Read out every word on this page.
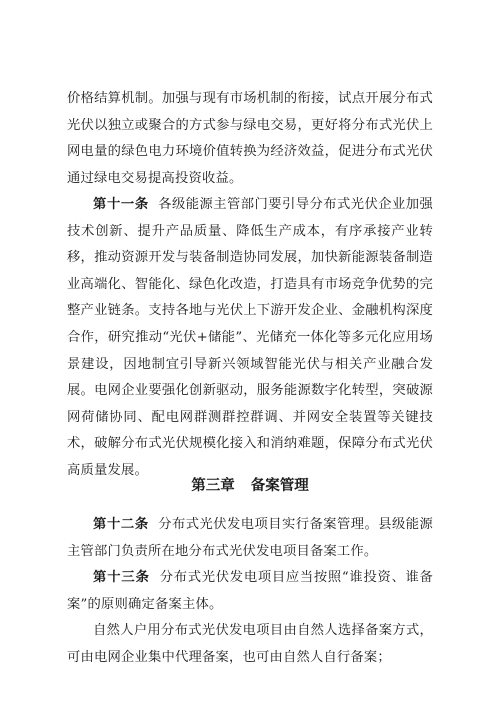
价格结算机制。加强与现有市场机制的衔接，试点开展分布式光伏以独立或聚合的方式参与绿电交易，更好将分布式光伏上网电量的绿色电力环境价值转换为经济效益，促进分布式光伏通过绿电交易提高投资收益。

第十一条 各级能源主管部门要引导分布式光伏企业加强技术创新、提升产品质量、降低生产成本，有序承接产业转移，推动资源开发与装备制造协同发展，加快新能源装备制造业高端化、智能化、绿色化改造，打造具有市场竞争优势的完整产业链条。支持各地与光伏上下游开发企业、金融机构深度合作，研究推动“光伏+储能”、光储充一体化等多元化应用场景建设，因地制宜引导新兴领域智能光伏与相关产业融合发展。电网企业要强化创新驱动，服务能源数字化转型，突破源网荷储协同、配电网群测群控群调、并网安全装置等关键技术，破解分布式光伏规模化接入和消纳难题，保障分布式光伏高质量发展。

第三章 备案管理

第十二条 分布式光伏发电项目实行备案管理。县级能源主管部门负责所在地分布式光伏发电项目备案工作。

第十三条 分布式光伏发电项目应当按照“谁投资、谁备案”的原则确定备案主体。

自然人户用分布式光伏发电项目由自然人选择备案方式，可由电网企业集中代理备案，也可由自然人自行备案；
